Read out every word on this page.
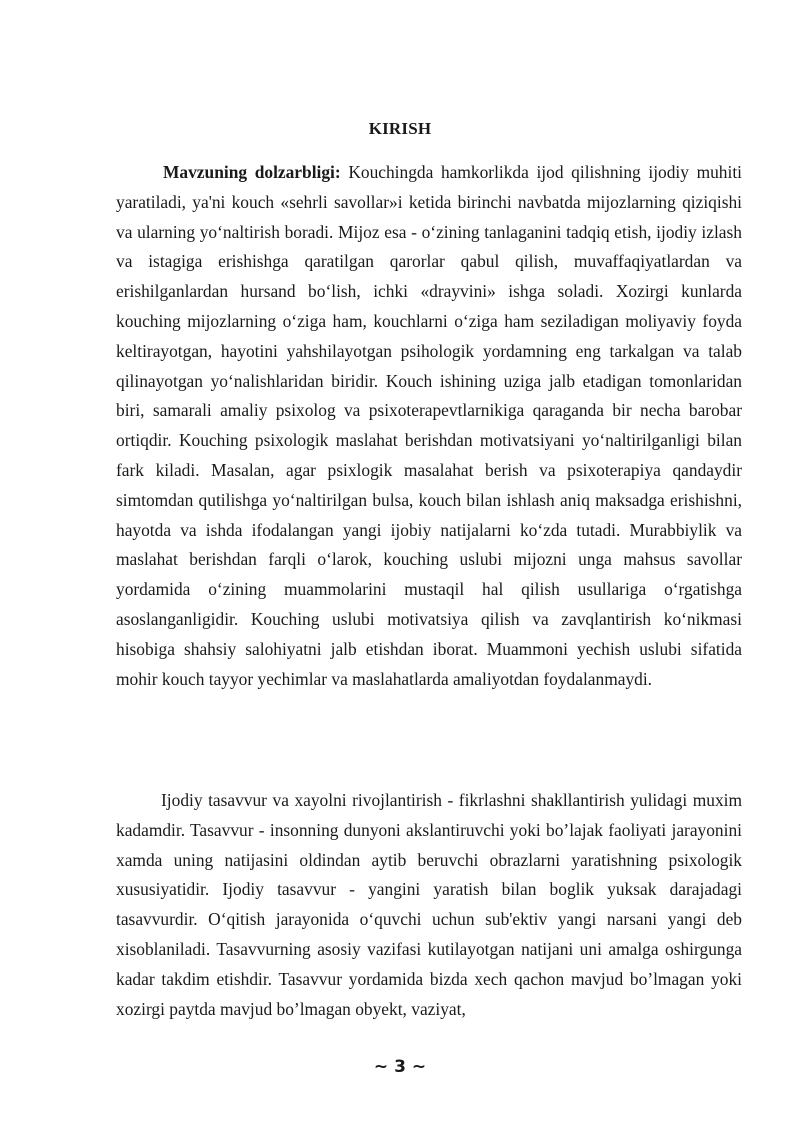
KIRISH

Mavzuning dolzarbligi: Kouchingda hamkorlikda ijod qilishning ijodiy muhiti yaratiladi, ya'ni kouch «sehrli savollar»i ketida birinchi navbatda mijozlarning qiziqishi va ularning yo‘naltirish boradi. Mijoz esa - o‘zining tanlaganini tadqiq etish, ijodiy izlash va istagiga erishishga qaratilgan qarorlar qabul qilish, muvaffaqiyatlardan va erishilganlardan hursand bo‘lish, ichki «drayvini» ishga soladi. Xozirgi kunlarda kouching mijozlarning o‘ziga ham, kouchlarni o‘ziga ham seziladigan moliyaviy foyda keltirayotgan, hayotini yahshilayotgan psihologik yordamning eng tarkalgan va talab qilinayotgan yo‘nalishlaridan biridir. Kouch ishining uziga jalb etadigan tomonlaridan biri, samarali amaliy psixolog va psixoterapevtlarnikiga qaraganda bir necha barobar ortiqdir. Kouching psixologik maslahat berishdan motivatsiyani yo‘naltirilganligi bilan fark kiladi. Masalan, agar psixlogik masalahat berish va psixoterapiya qandaydir simtomdan qutilishga yo‘naltirilgan bulsa, kouch bilan ishlash aniq maksadga erishishni, hayotda va ishda ifodalangan yangi ijobiy natijalarni ko‘zda tutadi. Murabbiylik va maslahat berishdan farqli o‘larok, kouching uslubi mijozni unga mahsus savollar yordamida o‘zining muammolarini mustaqil hal qilish usullariga o‘rgatishga asoslanganligidir. Kouching uslubi motivatsiya qilish va zavqlantirish ko‘nikmasi hisobiga shahsiy salohiyatni jalb etishdan iborat. Muammoni yechish uslubi sifatida mohir kouch tayyor yechimlar va maslahatlarda amaliyotdan foydalanmaydi.

Ijodiy tasavvur va xayolni rivojlantirish - fikrlashni shakllantirish yulidagi muxim kadamdir. Tasavvur - insonning dunyoni akslantiruvchi yoki bo’lajak faoliyati jarayonini xamda uning natijasini oldindan aytib beruvchi obrazlarni yaratishning psixologik xususiyatidir. Ijodiy tasavvur - yangini yaratish bilan boglik yuksak darajadagi tasavvurdir. O‘qitish jarayonida o‘quvchi uchun sub'ektiv yangi narsani yangi deb xisoblaniladi. Tasavvurning asosiy vazifasi kutilayotgan natijani uni amalga oshirgunga kadar takdim etishdir. Tasavvur yordamida bizda xech qachon mavjud bo’lmagan yoki xozirgi paytda mavjud bo’lmagan obyekt, vaziyat,

~ 3 ~
